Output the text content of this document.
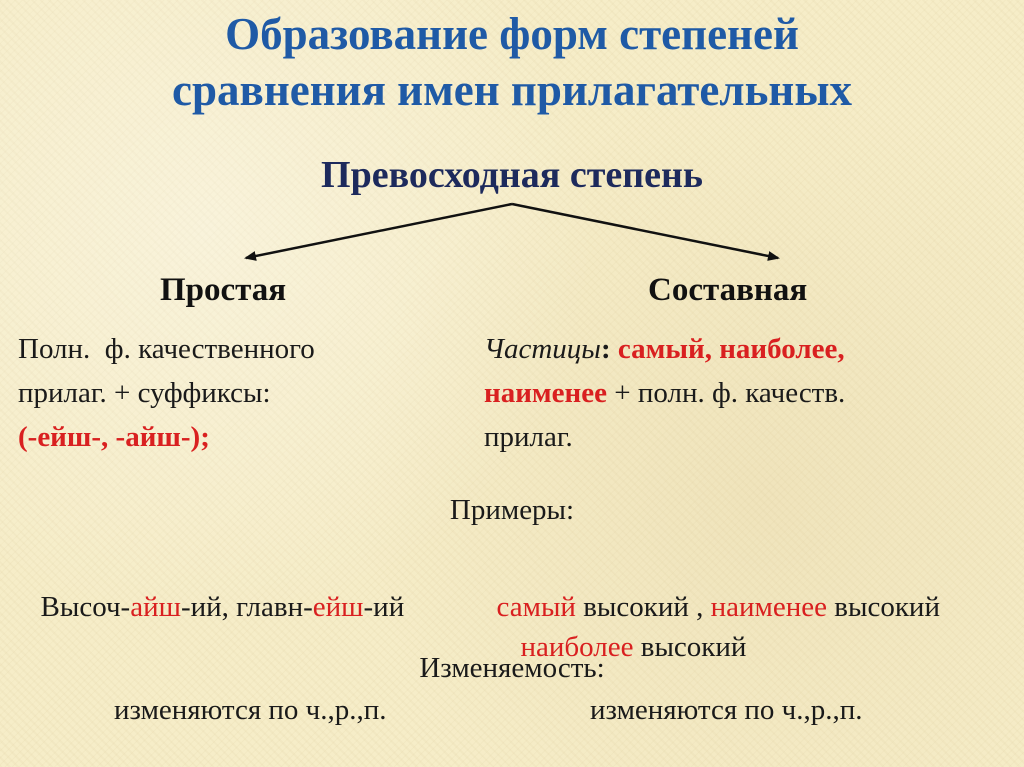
Образование форм степеней
сравнения имен прилагательных
Превосходная степень
Простая	Составная
Полн.  ф. качественного
прилаг. + суффиксы:
(-ейш-, -айш-);
Частицы: самый, наиболее,
наименее + полн. ф. качеств.
прилаг.
Примеры:

Высоч-айш-ий, главн-ейш-ий	самый высокий , наименее высокий

наиболее высокий

Изменяемость:
изменяются по ч.,р.,п.	изменяются по ч.,р.,п.
